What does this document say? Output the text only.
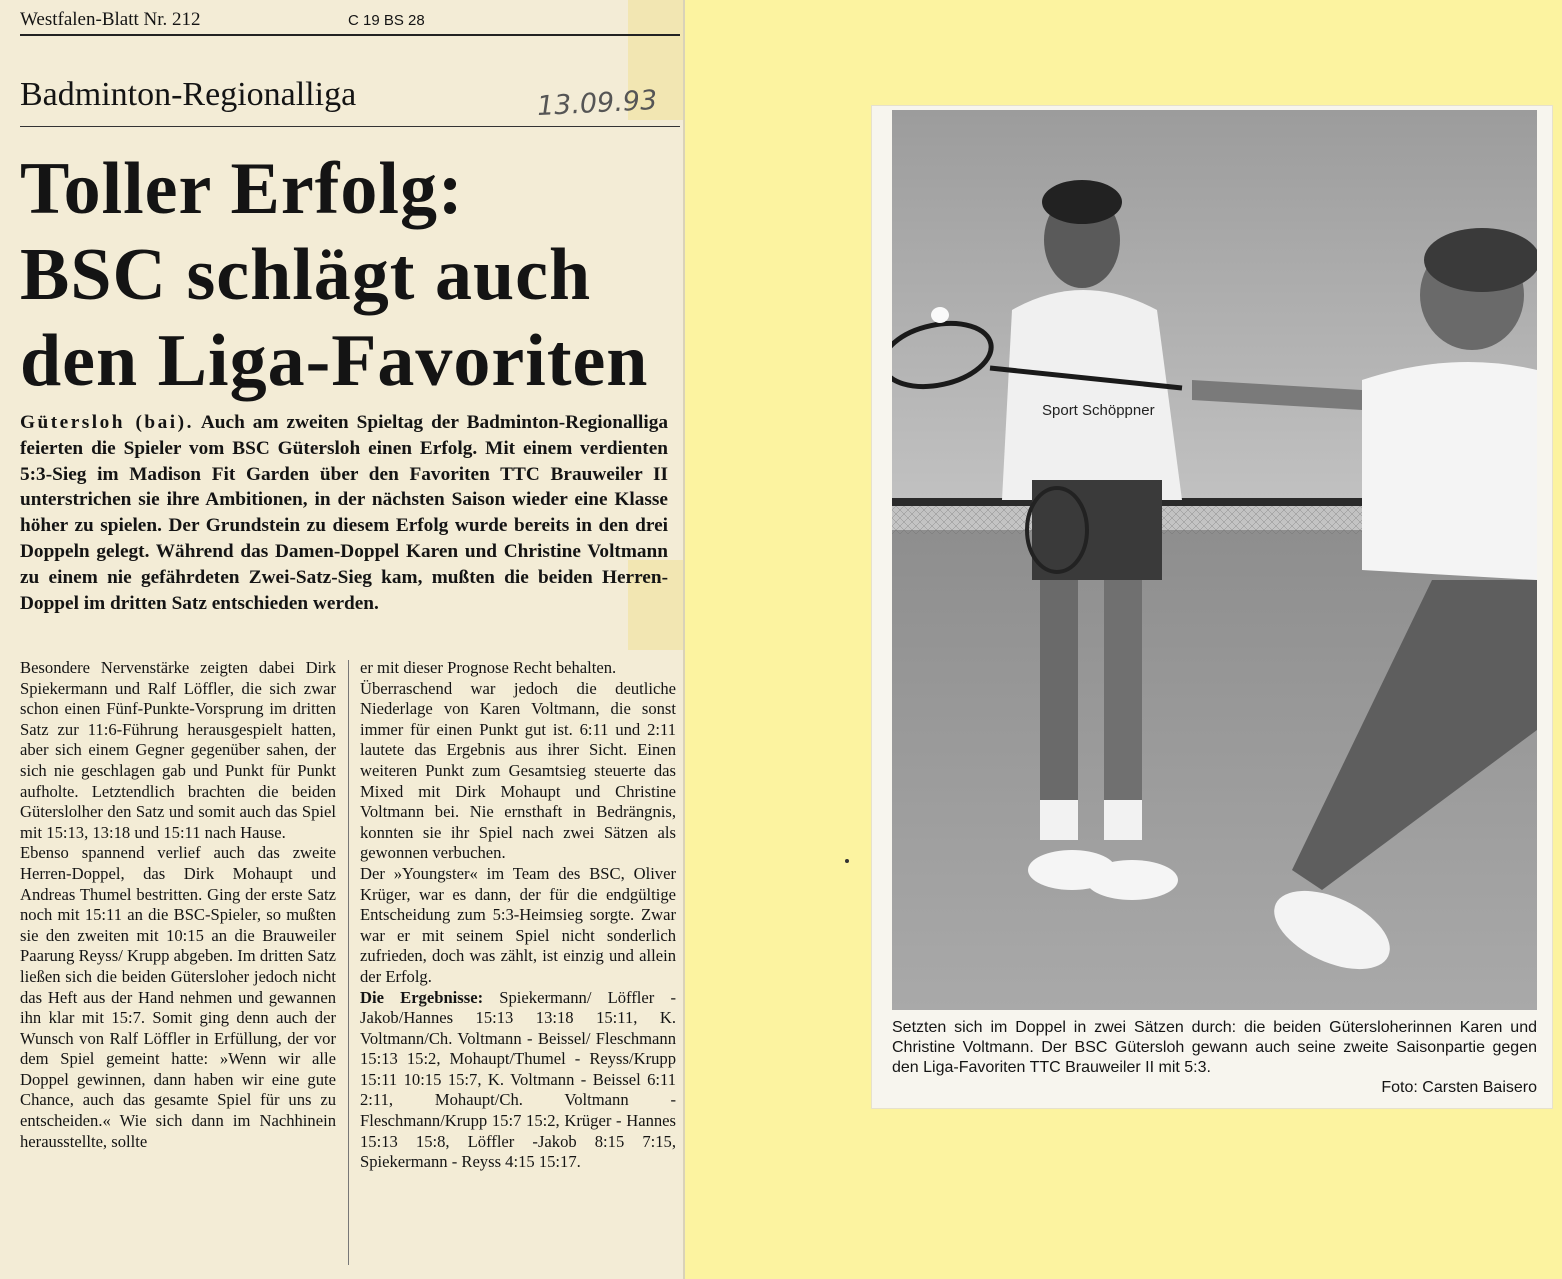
Westfalen-Blatt Nr. 212	C 19 BS 28
Badminton-Regionalliga	13.09.93
Toller Erfolg:
BSC schlägt auch
den Liga-Favoriten
Gütersloh (bai). Auch am zweiten Spieltag der Badminton-Regionalliga feierten die Spieler vom BSC Gütersloh einen Erfolg. Mit einem verdienten 5:3-Sieg im Madison Fit Garden über den Favoriten TTC Brauweiler II unterstrichen sie ihre Ambitionen, in der nächsten Saison wieder eine Klasse höher zu spielen. Der Grundstein zu diesem Erfolg wurde bereits in den drei Doppeln gelegt. Während das Damen-Doppel Karen und Christine Voltmann zu einem nie gefährdeten Zwei-Satz-Sieg kam, mußten die beiden Herren-Doppel im dritten Satz entschieden werden.

Besondere Nervenstärke zeigten dabei Dirk Spiekermann und Ralf Löffler, die sich zwar schon einen Fünf-Punkte-Vorsprung im dritten Satz zur 11:6-Führung herausgespielt hatten, aber sich einem Gegner gegenüber sahen, der sich nie geschlagen gab und Punkt für Punkt aufholte. Letztendlich brachten die beiden Güterslolher den Satz und somit auch das Spiel mit 15:13, 13:18 und 15:11 nach Hause.

Ebenso spannend verlief auch das zweite Herren-Doppel, das Dirk Mohaupt und Andreas Thumel bestritten. Ging der erste Satz noch mit 15:11 an die BSC-Spieler, so mußten sie den zweiten mit 10:15 an die Brauweiler Paarung Reyss/ Krupp abgeben. Im dritten Satz ließen sich die beiden Gütersloher jedoch nicht das Heft aus der Hand nehmen und gewannen ihn klar mit 15:7. Somit ging denn auch der Wunsch von Ralf Löffler in Erfüllung, der vor dem Spiel gemeint hatte: »Wenn wir alle Doppel gewinnen, dann haben wir eine gute Chance, auch das gesamte Spiel für uns zu entscheiden.« Wie sich dann im Nachhinein herausstellte, sollte

er mit dieser Prognose Recht behalten.

Überraschend war jedoch die deutliche Niederlage von Karen Voltmann, die sonst immer für einen Punkt gut ist. 6:11 und 2:11 lautete das Ergebnis aus ihrer Sicht. Einen weiteren Punkt zum Gesamtsieg steuerte das Mixed mit Dirk Mohaupt und Christine Voltmann bei. Nie ernsthaft in Bedrängnis, konnten sie ihr Spiel nach zwei Sätzen als gewonnen verbuchen.

Der »Youngster« im Team des BSC, Oliver Krüger, war es dann, der für die endgültige Entscheidung zum 5:3-Heimsieg sorgte. Zwar war er mit seinem Spiel nicht sonderlich zufrieden, doch was zählt, ist einzig und allein der Erfolg.

Die Ergebnisse: Spiekermann/ Löffler - Jakob/Hannes 15:13 13:18 15:11, K. Voltmann/Ch. Voltmann - Beissel/ Fleschmann 15:13 15:2, Mohaupt/Thumel - Reyss/Krupp 15:11 10:15 15:7, K. Voltmann - Beissel 6:11 2:11, Mohaupt/Ch. Voltmann - Fleschmann/Krupp 15:7 15:2, Krüger - Hannes 15:13 15:8, Löffler -Jakob 8:15 7:15, Spiekermann - Reyss 4:15 15:17.

Sport Schöppner
Setzten sich im Doppel in zwei Sätzen durch: die beiden Gütersloherinnen Karen und Christine Voltmann. Der BSC Gütersloh gewann auch seine zweite Saisonpartie gegen den Liga-Favoriten TTC Brauweiler II mit 5:3.
Foto: Carsten Baisero
